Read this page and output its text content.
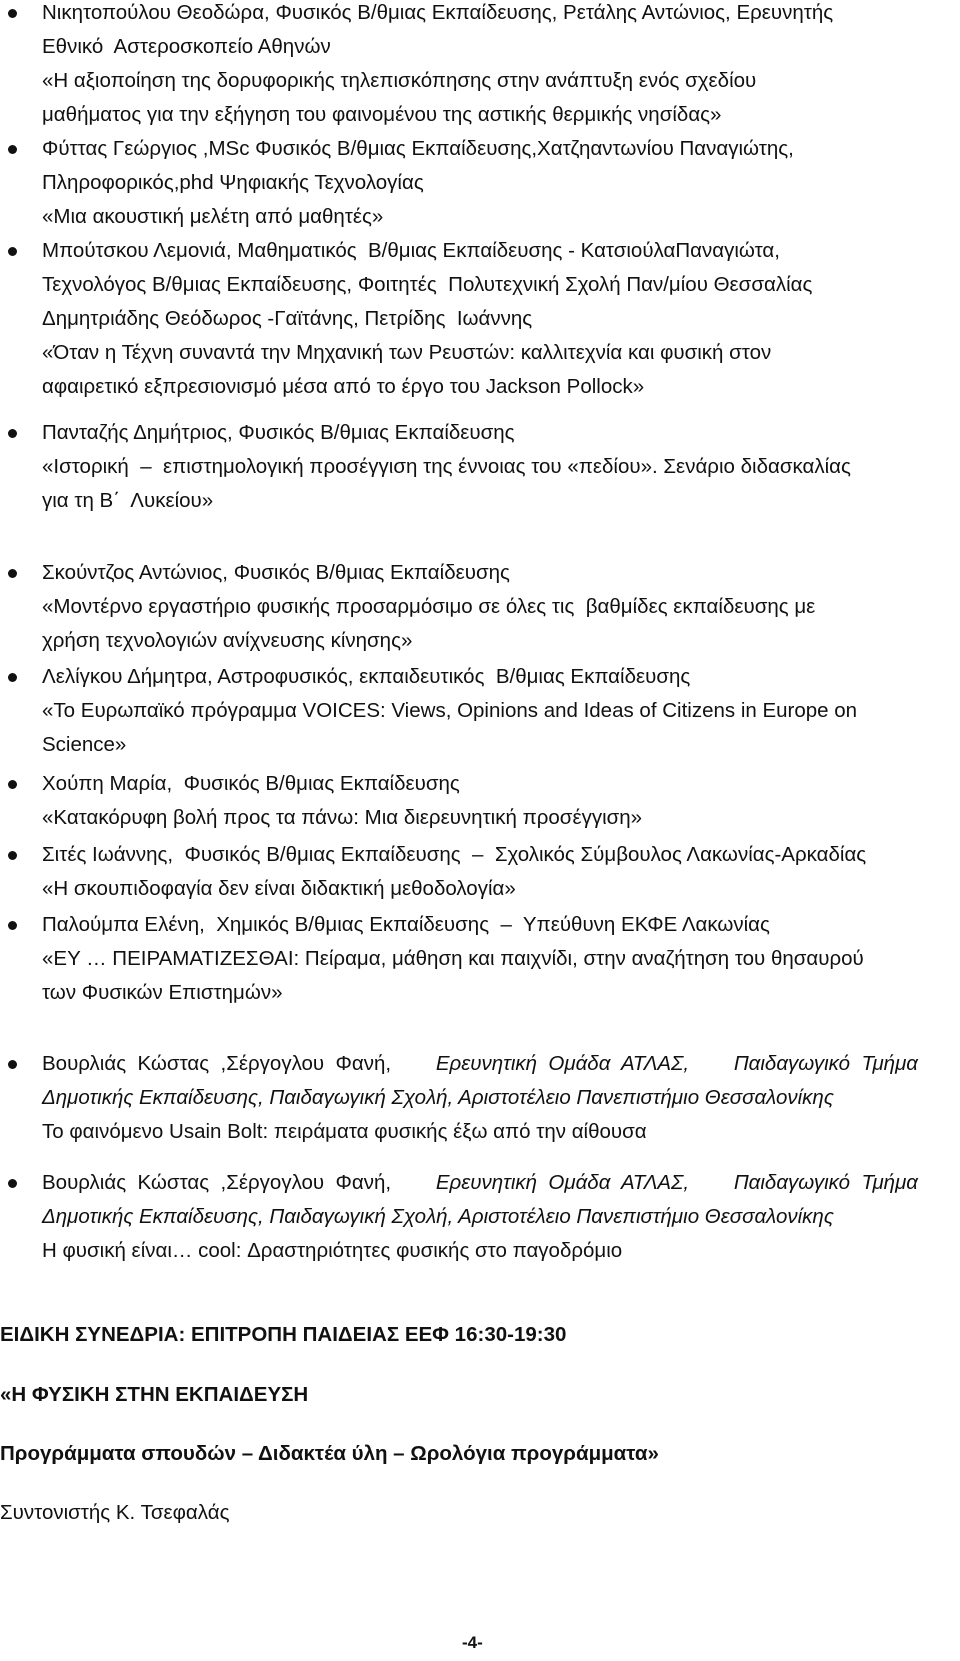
Νικητοπούλου Θεοδώρα, Φυσικός Β/θμιας Εκπαίδευσης, Ρετάλης Αντώνιος, Ερευνητής
Εθνικό  Αστεροσκοπείο Αθηνών
«Η αξιοποίηση της δορυφορικής τηλεπισκόπησης στην ανάπτυξη ενός σχεδίου
μαθήματος για την εξήγηση του φαινομένου της αστικής θερμικής νησίδας»
Φύττας Γεώργιος ,MSc Φυσικός Β/θμιας Εκπαίδευσης,Χατζηαντωνίου Παναγιώτης,
Πληροφορικός,phd Ψηφιακής Τεχνολογίας
«Μια ακουστική μελέτη από μαθητές»
Μπούτσκου Λεμονιά, Μαθηματικός  Β/θμιας Εκπαίδευσης - ΚατσιούλαΠαναγιώτα,
Τεχνολόγος Β/θμιας Εκπαίδευσης, Φοιτητές  Πολυτεχνική Σχολή Παν/μίου Θεσσαλίας
Δημητριάδης Θεόδωρος -Γαϊτάνης, Πετρίδης  Ιωάννης
«Όταν η Τέχνη συναντά την Μηχανική των Ρευστών: καλλιτεχνία και φυσική στον
αφαιρετικό εξπρεσιονισμό μέσα από το έργο του Jackson Pollock»
Πανταζής Δημήτριος, Φυσικός Β/θμιας Εκπαίδευσης
«Ιστορική  –  επιστημολογική προσέγγιση της έννοιας του «πεδίου». Σενάριο διδασκαλίας
για τη Β΄  Λυκείου»
Σκούντζος Αντώνιος, Φυσικός Β/θμιας Εκπαίδευσης
«Μοντέρνο εργαστήριο φυσικής προσαρμόσιμο σε όλες τις  βαθμίδες εκπαίδευσης με
χρήση τεχνολογιών ανίχνευσης κίνησης»
Λελίγκου Δήμητρα, Αστροφυσικός, εκπαιδευτικός  Β/θμιας Εκπαίδευσης
«Το Ευρωπαϊκό πρόγραμμα VOICES: Views, Opinions and Ideas of Citizens in Europe on
Science»
Χούπη Μαρία,  Φυσικός Β/θμιας Εκπαίδευσης
«Κατακόρυφη βολή προς τα πάνω: Μια διερευνητική προσέγγιση»
Σιτές Ιωάννης,  Φυσικός Β/θμιας Εκπαίδευσης  –  Σχολικός Σύμβουλος Λακωνίας-Αρκαδίας
«Η σκουπιδοφαγία δεν είναι διδακτική μεθοδολογία»
Παλούμπα Ελένη,  Χημικός Β/θμιας Εκπαίδευσης  –  Υπεύθυνη ΕΚΦΕ Λακωνίας
«ΕΥ … ΠΕΙΡΑΜΑΤΙΖΕΣΘΑΙ: Πείραμα, μάθηση και παιχνίδι, στην αναζήτηση του θησαυρού
των Φυσικών Επιστημών»
Βουρλιάς  Κώστας  ,Σέργογλου  Φανή, Ερευνητική  Ομάδα  ΑΤΛΑΣ, Παιδαγωγικό  Τμήμα
Δημοτικής Εκπαίδευσης, Παιδαγωγική Σχολή, Αριστοτέλειο Πανεπιστήμιο Θεσσαλονίκης
Το φαινόμενο Usain Bolt: πειράματα φυσικής έξω από την αίθουσα
Βουρλιάς  Κώστας  ,Σέργογλου  Φανή, Ερευνητική  Ομάδα  ΑΤΛΑΣ, Παιδαγωγικό  Τμήμα
Δημοτικής Εκπαίδευσης, Παιδαγωγική Σχολή, Αριστοτέλειο Πανεπιστήμιο Θεσσαλονίκης
Η φυσική είναι… cool: Δραστηριότητες φυσικής στο παγοδρόμιο
ΕΙΔΙΚΗ ΣΥΝΕΔΡΙΑ: ΕΠΙΤΡΟΠΗ ΠΑΙΔΕΙΑΣ ΕΕΦ 16:30-19:30
«Η ΦΥΣΙΚΗ ΣΤΗΝ ΕΚΠΑΙΔΕΥΣΗ
Προγράμματα σπουδών – Διδακτέα ύλη – Ωρολόγια προγράμματα»
Συντονιστής Κ. Τσεφαλάς
-4-
